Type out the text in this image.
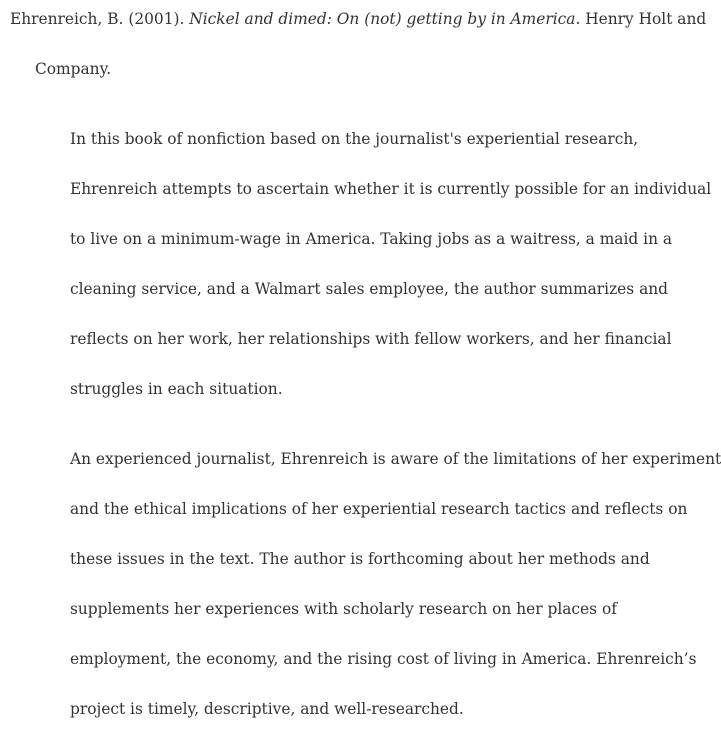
Ehrenreich, B. (2001). Nickel and dimed: On (not) getting by in America. Henry Holt and
Company.
In this book of nonfiction based on the journalist's experiential research,
Ehrenreich attempts to ascertain whether it is currently possible for an individual
to live on a minimum-wage in America. Taking jobs as a waitress, a maid in a
cleaning service, and a Walmart sales employee, the author summarizes and
reflects on her work, her relationships with fellow workers, and her financial
struggles in each situation.
An experienced journalist, Ehrenreich is aware of the limitations of her experiment
and the ethical implications of her experiential research tactics and reflects on
these issues in the text. The author is forthcoming about her methods and
supplements her experiences with scholarly research on her places of
employment, the economy, and the rising cost of living in America. Ehrenreich’s
project is timely, descriptive, and well-researched.
